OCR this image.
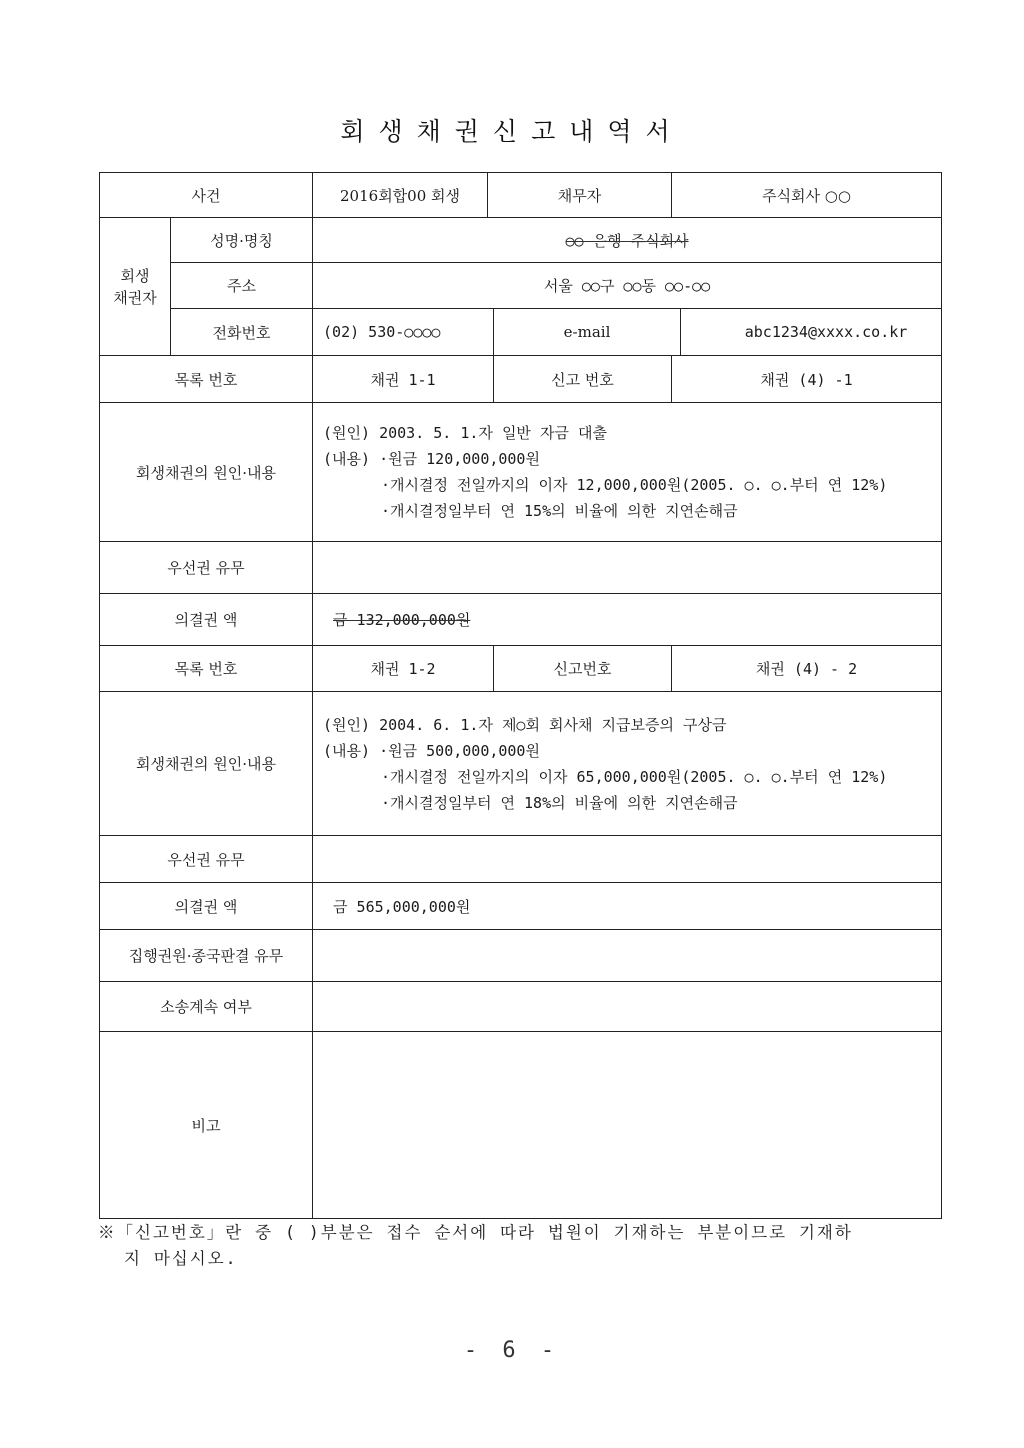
회생채권신고내역서
사건		2016회합00 회생	채무자		주식회사 ○○	
회생
채권자	성명·명칭	○○ 은행 주식회사				
	주소	서울 ○○구 ○○동 ○○-○○				
	전화번호	(02) 530-○○○○		e-mail		abc1234@xxxx.co.kr
목록 번호		채권 1-1		신고 번호	채권 (4) -1	
회생채권의 원인·내용		(원인) 2003. 5. 1.자 일반 자금 대출
(내용) ·원금 120,000,000원
·개시결정 전일까지의 이자 12,000,000원(2005. ○. ○.부터 연 12%)
·개시결정일부터 연 15%의 비율에 의한 지연손해금				

우선권 유무						
의결권 액		금 132,000,000원				
목록 번호		채권 1-2		신고번호	채권 (4) - 2	
회생채권의 원인·내용		(원인) 2004. 6. 1.자 제○회 회사채 지급보증의 구상금
(내용) ·원금 500,000,000원
·개시결정 전일까지의 이자 65,000,000원(2005. ○. ○.부터 연 12%)
·개시결정일부터 연 18%의 비율에 의한 지연손해금				

우선권 유무						
의결권 액		금 565,000,000원				
집행권원·종국판결 유무						
소송계속 여부						
비고						
※「신고번호」란 중 ( )부분은 접수 순서에 따라 법원이 기재하는 부분이므로 기재하
지 마십시오.
- 6 -
